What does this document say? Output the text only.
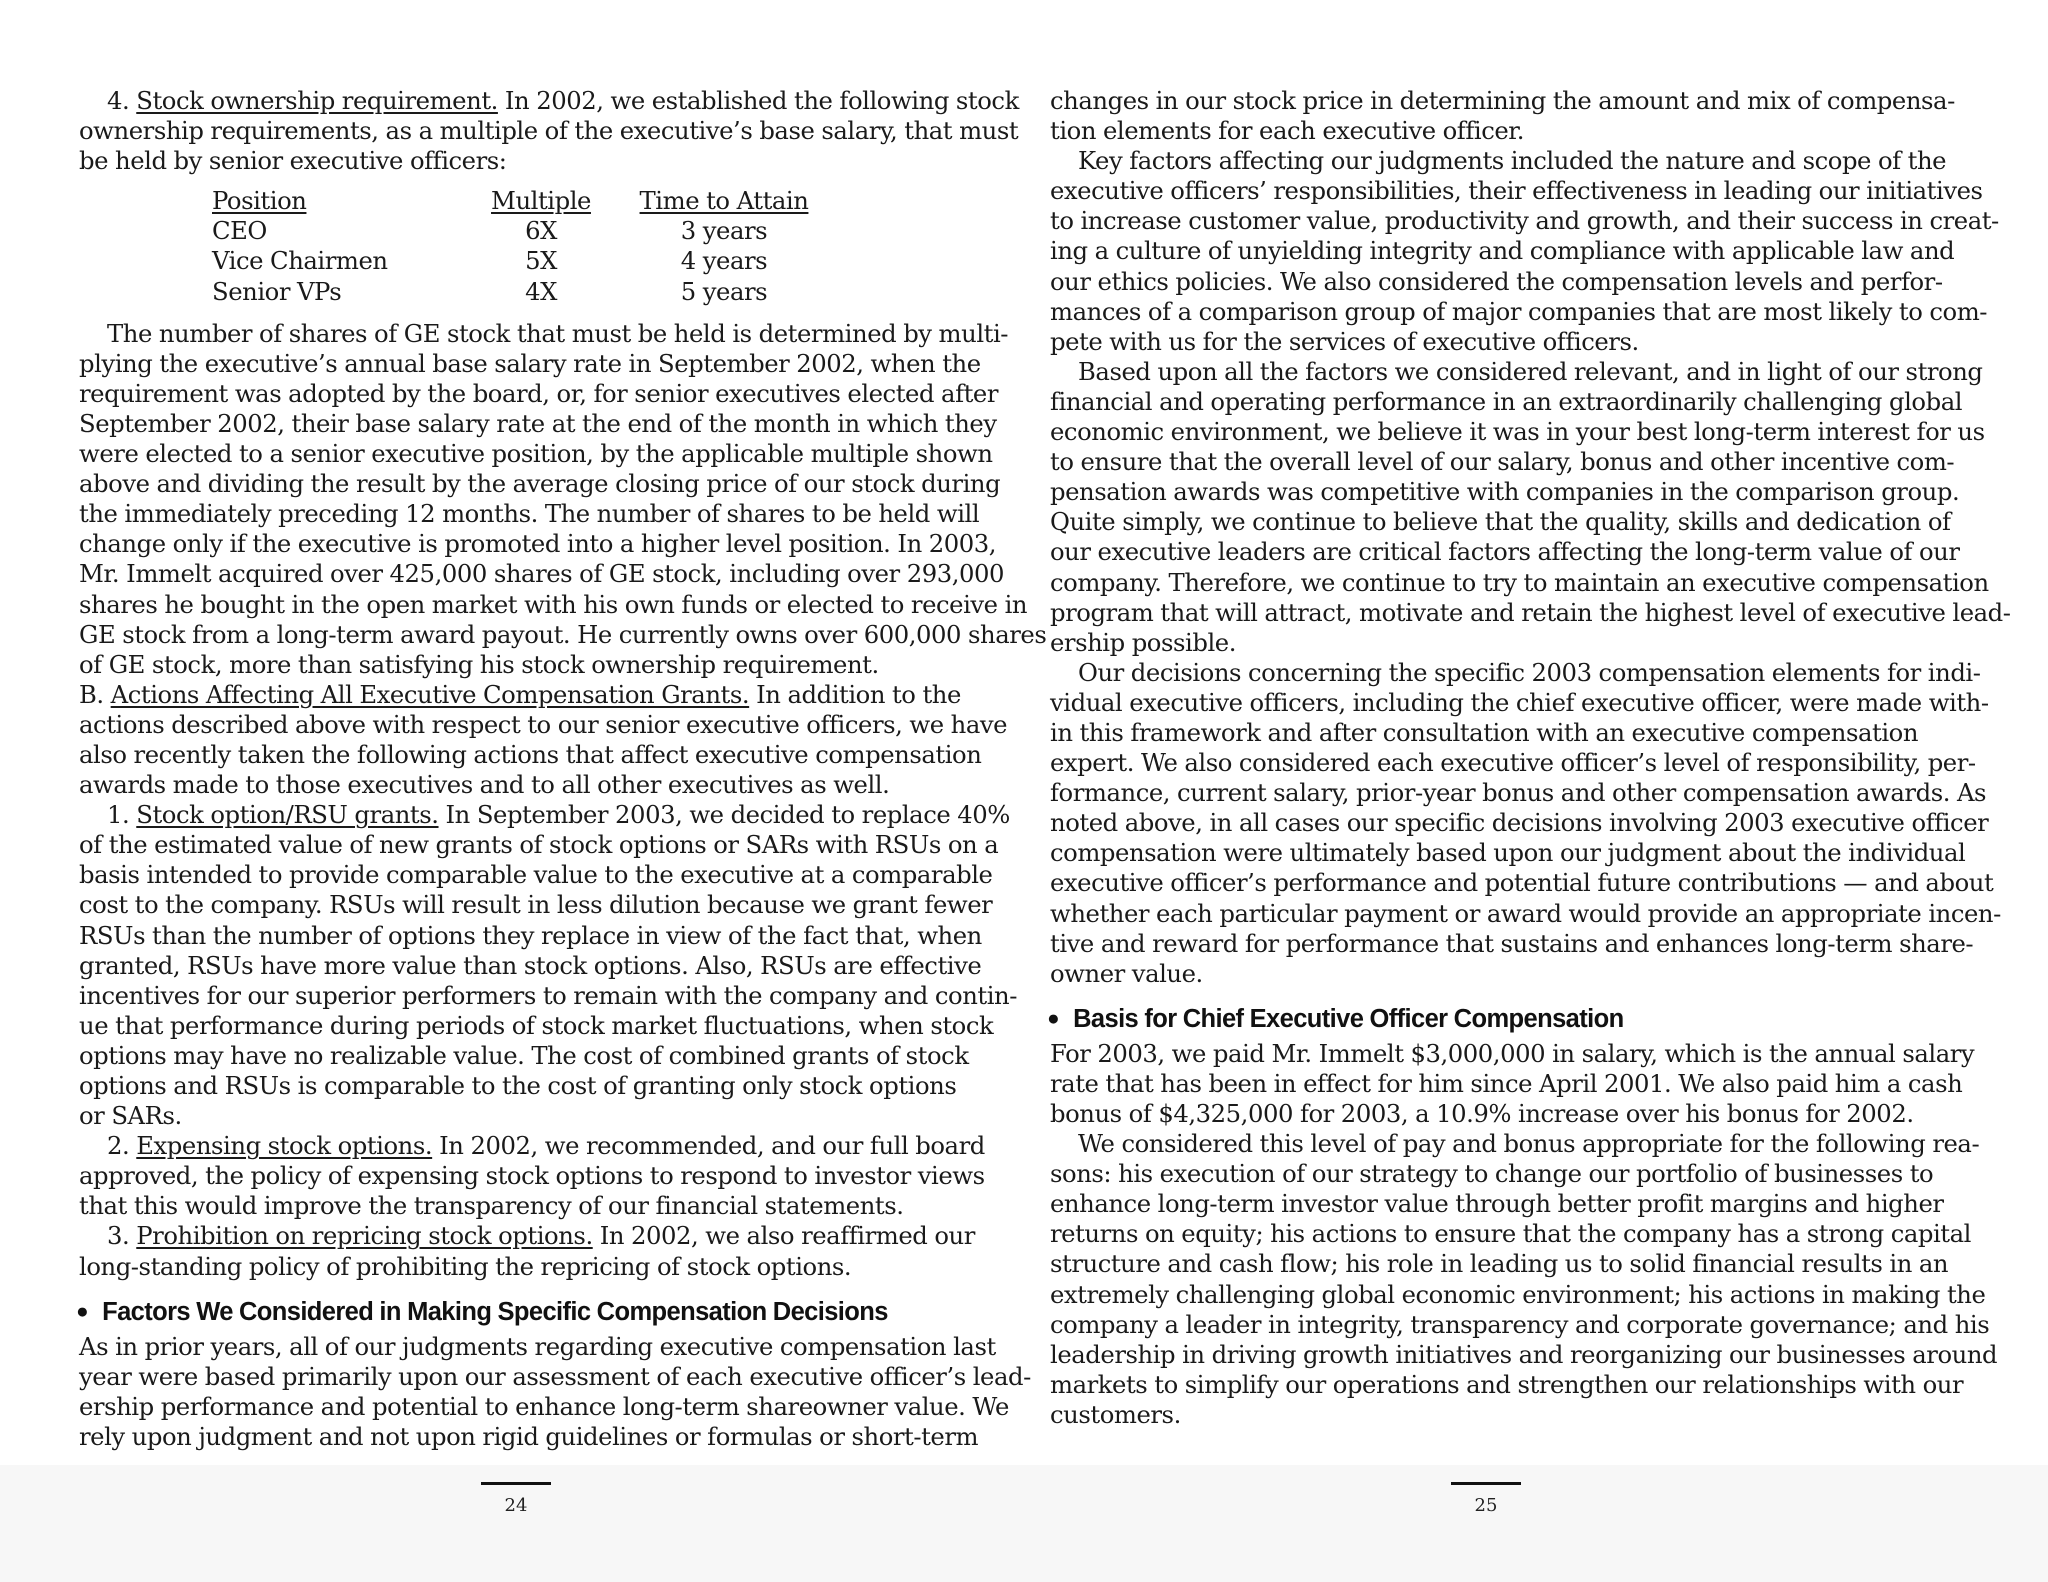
4. Stock ownership requirement. In 2002, we established the following stock

ownership requirements, as a multiple of the executive’s base salary, that must

be held by senior executive officers:

Position	Multiple	Time to Attain
CEO	6X	3 years
Vice Chairmen	5X	4 years
Senior VPs	4X	5 years

The number of shares of GE stock that must be held is determined by multi-

plying the executive’s annual base salary rate in September 2002, when the

requirement was adopted by the board, or, for senior executives elected after

September 2002, their base salary rate at the end of the month in which they

were elected to a senior executive position, by the applicable multiple shown

above and dividing the result by the average closing price of our stock during

the immediately preceding 12 months. The number of shares to be held will

change only if the executive is promoted into a higher level position. In 2003,

Mr. Immelt acquired over 425,000 shares of GE stock, including over 293,000

shares he bought in the open market with his own funds or elected to receive in

GE stock from a long-term award payout. He currently owns over 600,000 shares

of GE stock, more than satisfying his stock ownership requirement.

B. Actions Affecting All Executive Compensation Grants. In addition to the

actions described above with respect to our senior executive officers, we have

also recently taken the following actions that affect executive compensation

awards made to those executives and to all other executives as well.

1. Stock option/RSU grants. In September 2003, we decided to replace 40%

of the estimated value of new grants of stock options or SARs with RSUs on a

basis intended to provide comparable value to the executive at a comparable

cost to the company. RSUs will result in less dilution because we grant fewer

RSUs than the number of options they replace in view of the fact that, when

granted, RSUs have more value than stock options. Also, RSUs are effective

incentives for our superior performers to remain with the company and contin-

ue that performance during periods of stock market fluctuations, when stock

options may have no realizable value. The cost of combined grants of stock

options and RSUs is comparable to the cost of granting only stock options

or SARs.

2. Expensing stock options. In 2002, we recommended, and our full board

approved, the policy of expensing stock options to respond to investor views

that this would improve the transparency of our financial statements.

3. Prohibition on repricing stock options. In 2002, we also reaffirmed our

long-standing policy of prohibiting the repricing of stock options.

● Factors We Considered in Making Specific Compensation Decisions

As in prior years, all of our judgments regarding executive compensation last

year were based primarily upon our assessment of each executive officer’s lead-

ership performance and potential to enhance long-term shareowner value. We

rely upon judgment and not upon rigid guidelines or formulas or short-term

changes in our stock price in determining the amount and mix of compensa-

tion elements for each executive officer.

Key factors affecting our judgments included the nature and scope of the

executive officers’ responsibilities, their effectiveness in leading our initiatives

to increase customer value, productivity and growth, and their success in creat-

ing a culture of unyielding integrity and compliance with applicable law and

our ethics policies. We also considered the compensation levels and perfor-

mances of a comparison group of major companies that are most likely to com-

pete with us for the services of executive officers.

Based upon all the factors we considered relevant, and in light of our strong

financial and operating performance in an extraordinarily challenging global

economic environment, we believe it was in your best long-term interest for us

to ensure that the overall level of our salary, bonus and other incentive com-

pensation awards was competitive with companies in the comparison group.

Quite simply, we continue to believe that the quality, skills and dedication of

our executive leaders are critical factors affecting the long-term value of our

company. Therefore, we continue to try to maintain an executive compensation

program that will attract, motivate and retain the highest level of executive lead-

ership possible.

Our decisions concerning the specific 2003 compensation elements for indi-

vidual executive officers, including the chief executive officer, were made with-

in this framework and after consultation with an executive compensation

expert. We also considered each executive officer’s level of responsibility, per-

formance, current salary, prior-year bonus and other compensation awards. As

noted above, in all cases our specific decisions involving 2003 executive officer

compensation were ultimately based upon our judgment about the individual

executive officer’s performance and potential future contributions — and about

whether each particular payment or award would provide an appropriate incen-

tive and reward for performance that sustains and enhances long-term share-

owner value.

● Basis for Chief Executive Officer Compensation

For 2003, we paid Mr. Immelt $3,000,000 in salary, which is the annual salary

rate that has been in effect for him since April 2001. We also paid him a cash

bonus of $4,325,000 for 2003, a 10.9% increase over his bonus for 2002.

We considered this level of pay and bonus appropriate for the following rea-

sons: his execution of our strategy to change our portfolio of businesses to

enhance long-term investor value through better profit margins and higher

returns on equity; his actions to ensure that the company has a strong capital

structure and cash flow; his role in leading us to solid financial results in an

extremely challenging global economic environment; his actions in making the

company a leader in integrity, transparency and corporate governance; and his

leadership in driving growth initiatives and reorganizing our businesses around

markets to simplify our operations and strengthen our relationships with our

customers.

24	25
